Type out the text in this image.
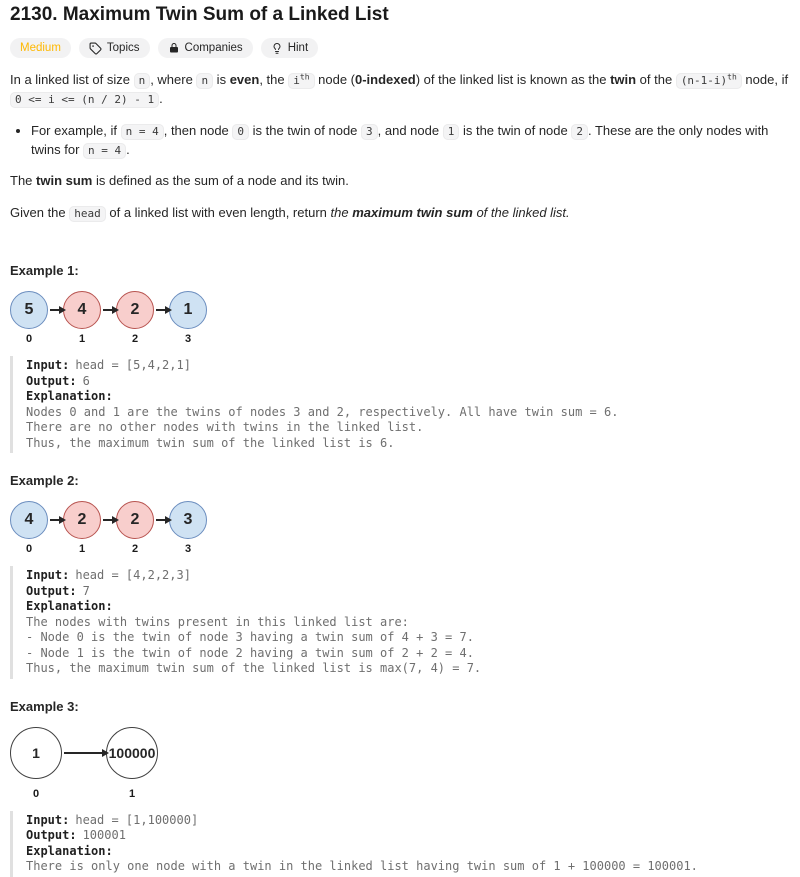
2130. Maximum Twin Sum of a Linked List
Medium	Topics	Companies	Hint

In a linked list of size n , where n is even, the $i^{th}$ node (0-indexed) of the linked list is known as the twin of the $(n-1-i)^{th}$ node, if 0 <= i <= (n / 2) - 1 .

• For example, if n = 4 , then node 0 is the twin of node 3 , and node 1 is the twin of node 2 . These are the only nodes with twins for n = 4 .

The twin sum is defined as the sum of a node and its twin.

Given the head of a linked list with even length, return the maximum twin sum of the linked list.

Example 1:
5
0
4
1
2
2
1
3
Input: head = [5,4,2,1]
Output: 6
Explanation:
Nodes 0 and 1 are the twins of nodes 3 and 2, respectively. All have twin sum = 6.
There are no other nodes with twins in the linked list.
Thus, the maximum twin sum of the linked list is 6.
Example 2:
4
0
2
1
2
2
3
3
Input: head = [4,2,2,3]
Output: 7
Explanation:
The nodes with twins present in this linked list are:
- Node 0 is the twin of node 3 having a twin sum of 4 + 3 = 7.
- Node 1 is the twin of node 2 having a twin sum of 2 + 2 = 4.
Thus, the maximum twin sum of the linked list is max(7, 4) = 7.
Example 3:
1
0
100000
1
Input: head = [1,100000]
Output: 100001
Explanation:
There is only one node with a twin in the linked list having twin sum of 1 + 100000 = 100001.
